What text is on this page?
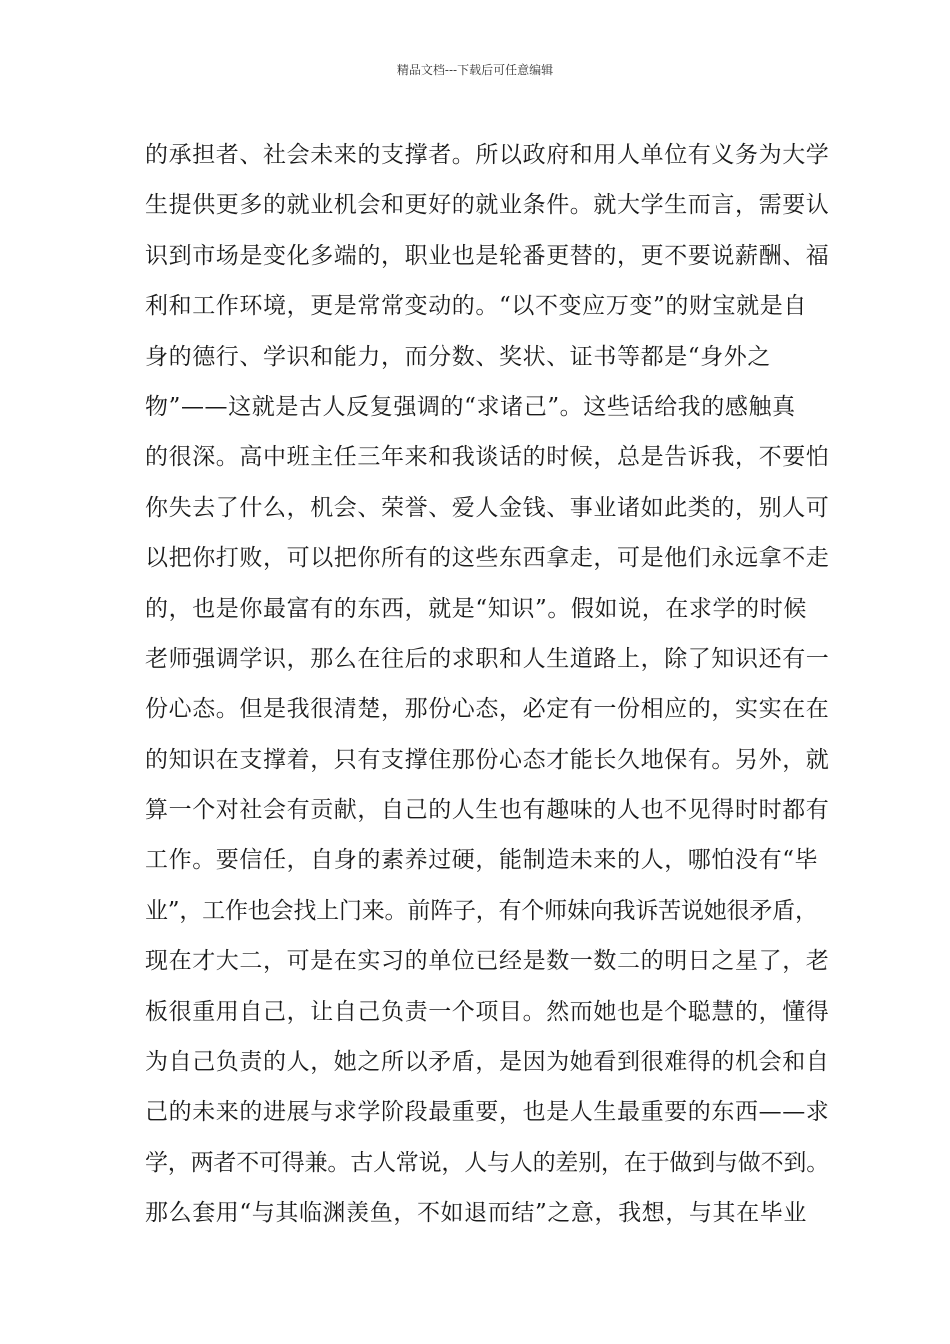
精品文档---下载后可任意编辑
的承担者、社会未来的支撑者。所以政府和用人单位有义务为大学
生提供更多的就业机会和更好的就业条件。就大学生而言，需要认
识到市场是变化多端的，职业也是轮番更替的，更不要说薪酬、福
利和工作环境，更是常常变动的。“以不变应万变”的财宝就是自
身的德行、学识和能力，而分数、奖状、证书等都是“身外之
物”——这就是古人反复强调的“求诸己”。这些话给我的感触真
的很深。高中班主任三年来和我谈话的时候，总是告诉我，不要怕
你失去了什么，机会、荣誉、爱人金钱、事业诸如此类的，别人可
以把你打败，可以把你所有的这些东西拿走，可是他们永远拿不走
的，也是你最富有的东西，就是“知识”。假如说，在求学的时候
老师强调学识，那么在往后的求职和人生道路上，除了知识还有一
份心态。但是我很清楚，那份心态，必定有一份相应的，实实在在
的知识在支撑着，只有支撑住那份心态才能长久地保有。另外，就
算一个对社会有贡献，自己的人生也有趣味的人也不见得时时都有
工作。要信任，自身的素养过硬，能制造未来的人，哪怕没有“毕
业”，工作也会找上门来。前阵子，有个师妹向我诉苦说她很矛盾，
现在才大二，可是在实习的单位已经是数一数二的明日之星了，老
板很重用自己，让自己负责一个项目。然而她也是个聪慧的，懂得
为自己负责的人，她之所以矛盾，是因为她看到很难得的机会和自
己的未来的进展与求学阶段最重要，也是人生最重要的东西——求
学，两者不可得兼。古人常说，人与人的差别，在于做到与做不到。
那么套用“与其临渊羡鱼，不如退而结”之意，我想，与其在毕业
